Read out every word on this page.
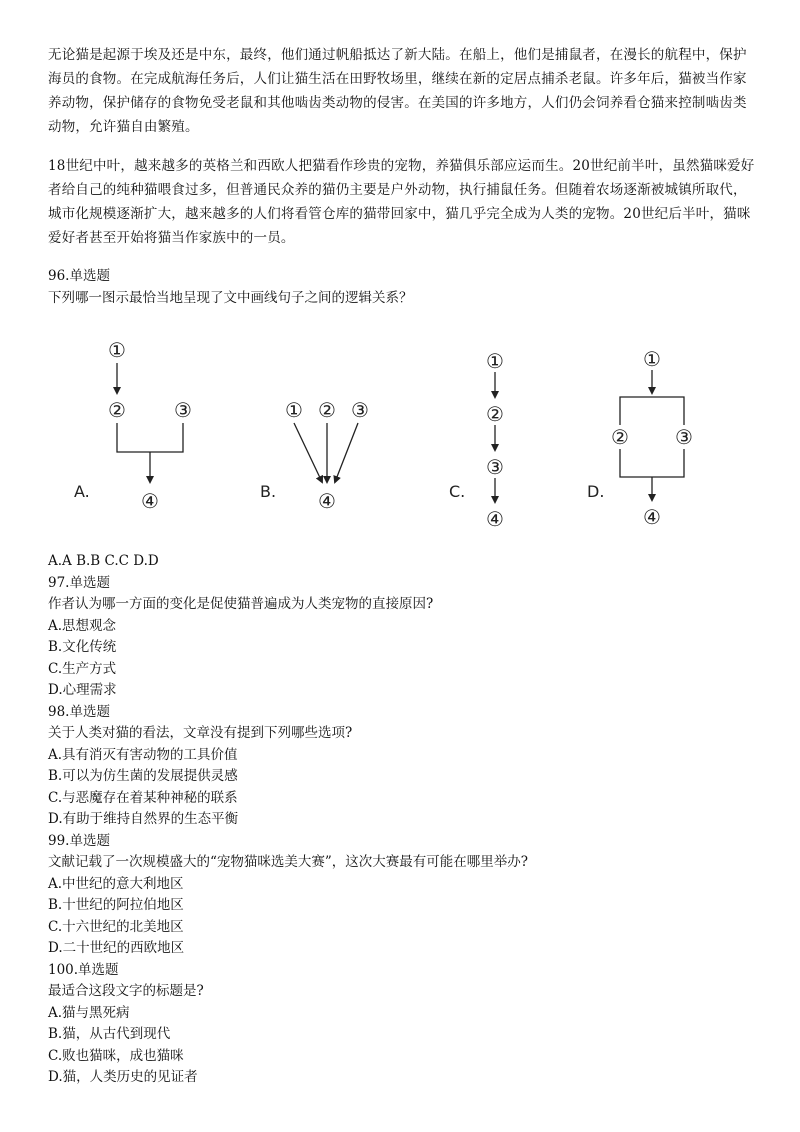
无论猫是起源于埃及还是中东，最终，他们通过帆船抵达了新大陆。在船上，他们是捕鼠者，在漫长的航程中，保护海员的食物。在完成航海任务后，人们让猫生活在田野牧场里，继续在新的定居点捕杀老鼠。许多年后，猫被当作家养动物，保护储存的食物免受老鼠和其他啮齿类动物的侵害。在美国的许多地方，人们仍会饲养看仓猫来控制啮齿类动物，允许猫自由繁殖。

18世纪中叶，越来越多的英格兰和西欧人把猫看作珍贵的宠物，养猫俱乐部应运而生。20世纪前半叶，虽然猫咪爱好者给自己的纯种猫喂食过多，但普通民众养的猫仍主要是户外动物，执行捕鼠任务。但随着农场逐渐被城镇所取代，城市化规模逐渐扩大，越来越多的人们将看管仓库的猫带回家中，猫几乎完全成为人类的宠物。20世纪后半叶，猫咪爱好者甚至开始将猫当作家族中的一员。

96.单选题
下列哪一图示最恰当地呈现了文中画线句子之间的逻辑关系？
①
② ③
④
① ② ③
④
①
②
③
④
①
② ③
④
A.	B.	C.	D.
A.A B.B C.C D.D
97.单选题
作者认为哪一方面的变化是促使猫普遍成为人类宠物的直接原因?
A.思想观念
B.文化传统
C.生产方式
D.心理需求
98.单选题
关于人类对猫的看法，文章没有提到下列哪些选项?
A.具有消灭有害动物的工具价值
B.可以为仿生菌的发展提供灵感
C.与恶魔存在着某种神秘的联系
D.有助于维持自然界的生态平衡
99.单选题
文献记载了一次规模盛大的“宠物猫咪选美大赛”，这次大赛最有可能在哪里举办?
A.中世纪的意大利地区
B.十世纪的阿拉伯地区
C.十六世纪的北美地区
D.二十世纪的西欧地区
100.单选题
最适合这段文字的标题是?
A.猫与黑死病
B.猫，从古代到现代
C.败也猫咪，成也猫咪
D.猫，人类历史的见证者
